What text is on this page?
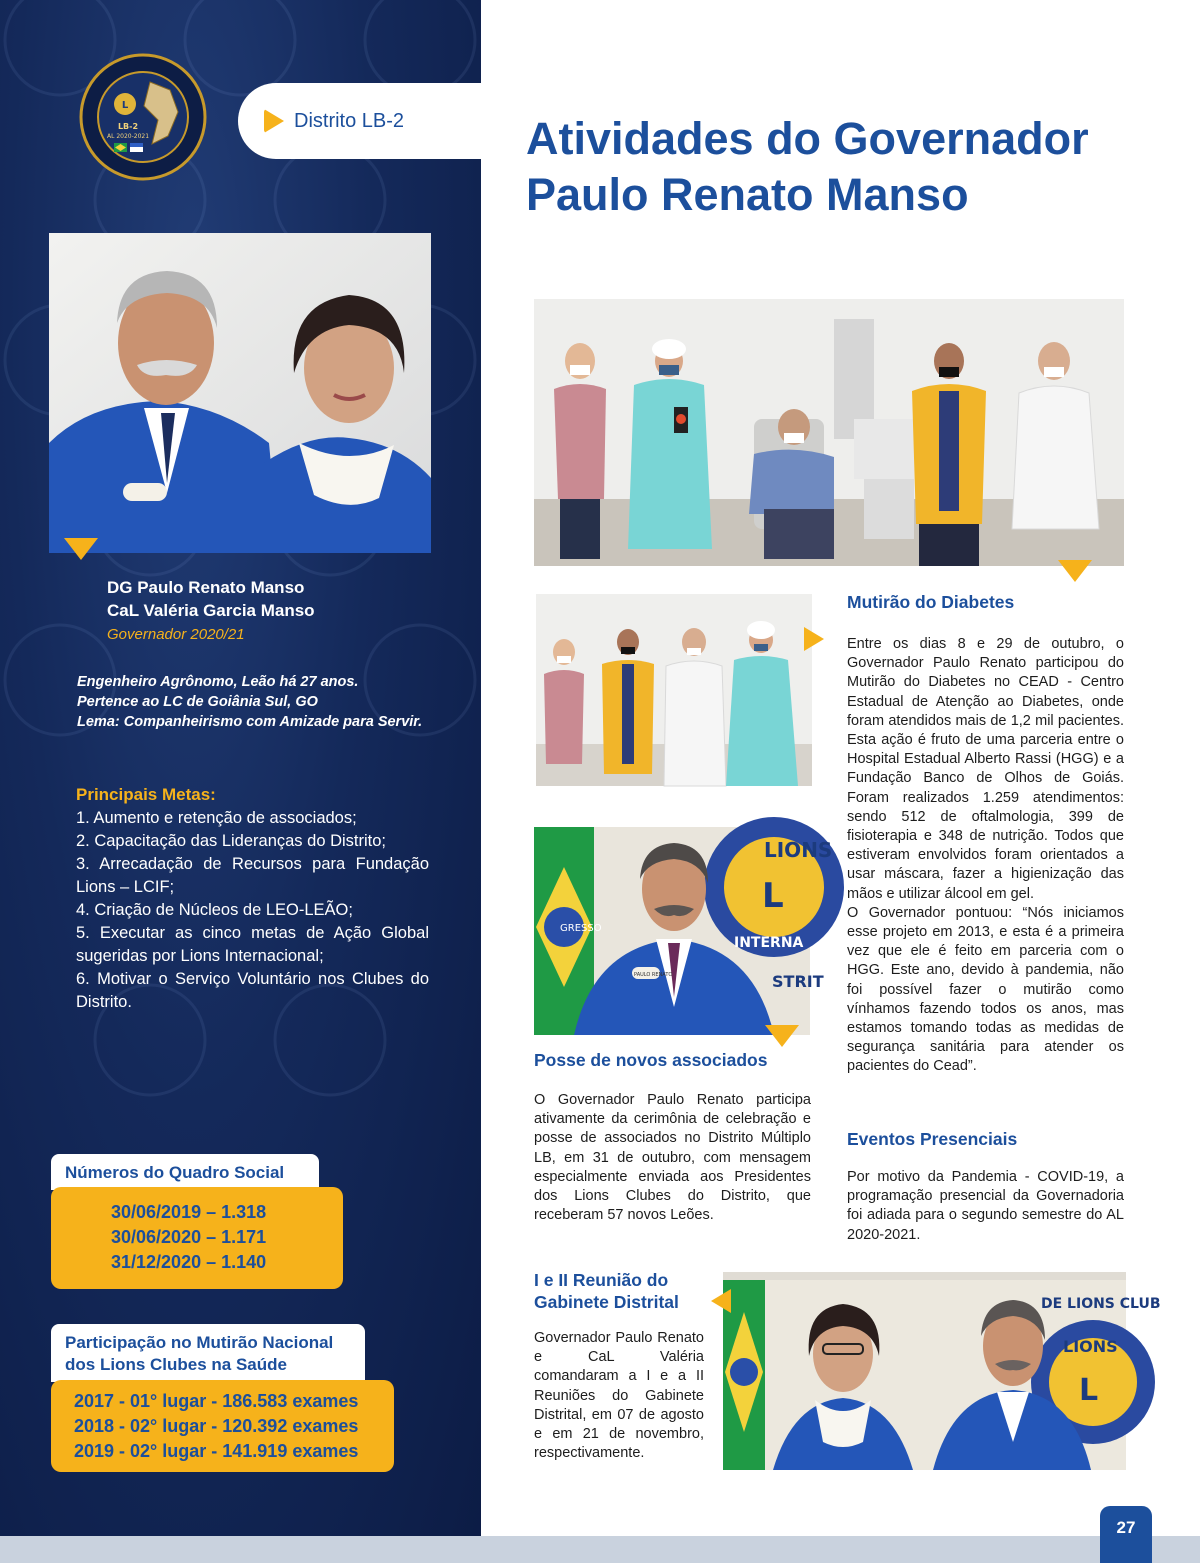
L
LB-2
AL 2020-2021
DG Paulo Renato Manso
CaL Valéria Garcia Manso
Governador 2020/21
Engenheiro Agrônomo, Leão há 27 anos.
Pertence ao LC de Goiânia Sul, GO
Lema: Companheirismo com Amizade para Servir.
Principais Metas:
1. Aumento e retenção de associados;
2. Capacitação das Lideranças do Distrito;
3. Arrecadação de Recursos para Fundação Lions – LCIF;
4. Criação de Núcleos de LEO-LEÃO;
5. Executar as cinco metas de Ação Global sugeridas por Lions Internacional;
6. Motivar o Serviço Voluntário nos Clubes do Distrito.
Números do Quadro Social
30/06/2019 – 1.318
30/06/2020 – 1.171
31/12/2020 – 1.140
Participação no Mutirão Nacional
dos Lions Clubes na Saúde
2017 - 01° lugar - 186.583 exames
2018 - 02° lugar - 120.392 exames
2019 - 02° lugar - 141.919 exames
Distrito LB-2	Atividades do Governador
Paulo Renato Manso
GRESSO
LIONS
L
INTERNA
STRIT
PAULO RENATO
DE LIONS CLUB
LIONS
L
Mutirão do Diabetes
Entre os dias 8 e 29 de outubro, o Governador Paulo Renato participou do Mutirão do Diabetes no CEAD - Centro Estadual de Atenção ao Diabetes, onde foram atendidos mais de 1,2 mil pacientes. Esta ação é fruto de uma parceria entre o Hospital Estadual Alberto Rassi (HGG) e a Fundação Banco de Olhos de Goiás. Foram realizados 1.259 atendimentos: sendo 512 de oftalmologia, 399 de fisioterapia e 348 de nutrição. Todos que estiveram envolvidos foram orientados a usar máscara, fazer a higienização das mãos e utilizar álcool em gel.
O Governador pontuou: “Nós iniciamos esse projeto em 2013, e esta é a primeira vez que ele é feito em parceria com o HGG. Este ano, devido à pandemia, não foi possível fazer o mutirão como vínhamos fazendo todos os anos, mas estamos tomando todas as medidas de segurança sanitária para atender os pacientes do Cead”.
Posse de novos associados
O Governador Paulo Renato participa ativamente da cerimônia de celebração e posse de associados no Distrito Múltiplo LB, em 31 de outubro, com mensagem especialmente enviada aos Presidentes dos Lions Clubes do Distrito, que receberam 57 novos Leões.
Eventos Presenciais
Por motivo da Pandemia - COVID-19, a programação presencial da Governadoria foi adiada para o segundo semestre do AL 2020-2021.
I e II Reunião do
Gabinete Distrital
Governador Paulo Renato e CaL Valéria comandaram a I e a II Reuniões do Gabinete Distrital, em 07 de agosto e em 21 de novembro, respectivamente.
27
